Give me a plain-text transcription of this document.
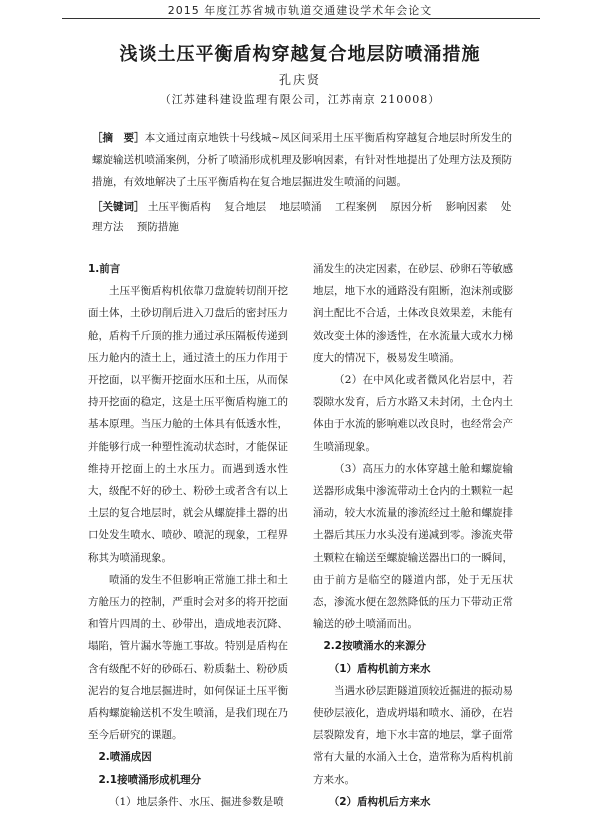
2015 年度江苏省城市轨道交通建设学术年会论文
浅谈土压平衡盾构穿越复合地层防喷涌措施
孔庆贤
（江苏建科建设监理有限公司，江苏南京 210008）
［摘　要］本文通过南京地铁十号线城~凤区间采用土压平衡盾构穿越复合地层时所发生的螺旋输送机喷涌案例，分析了喷涌形成机理及影响因素，有针对性地提出了处理方法及预防措施，有效地解决了土压平衡盾构在复合地层掘进发生喷涌的问题。
［关键词］ 土压平衡盾构 复合地层 地层喷涌 工程案例 原因分析 影响因素 处理方法 预防措施
1.前言

土压平衡盾构机依靠刀盘旋转切削开挖面土体，土砂切削后进入刀盘后的密封压力舱，盾构千斤顶的推力通过承压隔板传递到压力舱内的渣土上，通过渣土的压力作用于开挖面，以平衡开挖面水压和土压，从而保持开挖面的稳定，这是土压平衡盾构施工的基本原理。当压力舱的土体具有低透水性，并能够行成一种塑性流动状态时，才能保证维持开挖面上的土水压力。而遇到透水性大，级配不好的砂土、粉砂土或者含有以上土层的复合地层时，就会从螺旋排土器的出口处发生喷水、喷砂、喷泥的现象，工程界称其为喷涌现象。

喷涌的发生不但影响正常施工排土和土方舱压力的控制，严重时会对多的将开挖面和管片四周的土、砂带出，造成地表沉降、塌陷，管片漏水等施工事故。特别是盾构在含有级配不好的砂砾石、粉质黏土、粉砂质泥岩的复合地层掘进时，如何保证土压平衡盾构螺旋输送机不发生喷涌，是我们现在乃至今后研究的课题。

2.喷涌成因
2.1接喷涌形成机理分

（1）地层条件、水压、掘进参数是喷

涌发生的决定因素，在砂层、砂卵石等敏感地层，地下水的通路没有阻断，泡沫剂或膨润土配比不合适，土体改良效果差，未能有效改变土体的渗透性，在水流量大或水力梯度大的情况下，极易发生喷涌。

（2）在中风化或者微风化岩层中，若裂隙水发育，后方水路又未封闭，土仓内土体由于水流的影响难以改良时，也经常会产生喷涌现象。

（3）高压力的水体穿越土舱和螺旋输送器形成集中渗流带动土仓内的土颗粒一起涌动，较大水流量的渗流经过土舱和螺旋排土器后其压力水头没有递减到零。渗流夹带土颗粒在输送至螺旋输送器出口的一瞬间，由于前方是临空的隧道内部，处于无压状态，渗流水便在忽然降低的压力下带动正常输送的砂土喷涌而出。

2.2按喷涌水的来源分
（1）盾构机前方来水

当遇水砂层距隧道顶较近掘进的振动易使砂层液化，造成坍塌和喷水、涌砂，在岩层裂隙发育，地下水丰富的地层，掌子面常常有大量的水涌入土仓，造常称为盾构机前方来水。

（2）盾构机后方来水
